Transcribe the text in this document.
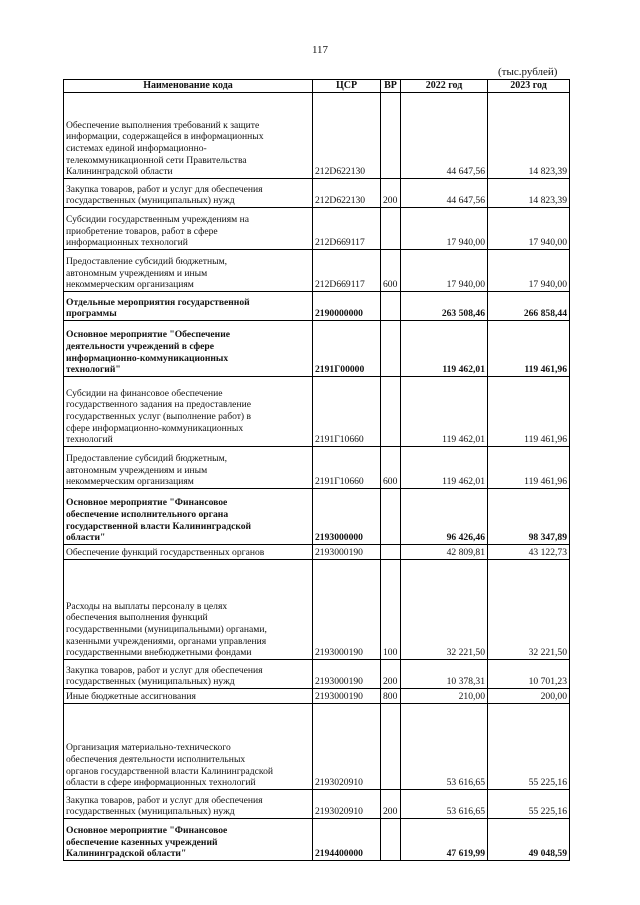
117
(тыс.рублей)
Наименование кода	ЦСР	ВР	2022 год	2023 год
Обеспечение выполнения требований к защите
информации, содержащейся в информационных
системах единой информационно-
телекоммуникационной сети Правительства
Калининградской области	212D622130		44 647,56	14 823,39
Закупка товаров, работ и услуг для обеспечения
государственных (муниципальных) нужд	212D622130	200	44 647,56	14 823,39
Субсидии государственным учреждениям на
приобретение товаров, работ в сфере
информационных технологий	212D669117		17 940,00	17 940,00
Предоставление субсидий бюджетным,
автономным учреждениям и иным
некоммерческим организациям	212D669117	600	17 940,00	17 940,00
Отдельные мероприятия государственной
программы	2190000000		263 508,46	266 858,44
Основное мероприятие "Обеспечение
деятельности учреждений в сфере
информационно-коммуникационных
технологий"	2191Г00000		119 462,01	119 461,96
Субсидии на финансовое обеспечение
государственного задания на предоставление
государственных услуг (выполнение работ) в
сфере информационно-коммуникационных
технологий	2191Г10660		119 462,01	119 461,96
Предоставление субсидий бюджетным,
автономным учреждениям и иным
некоммерческим организациям	2191Г10660	600	119 462,01	119 461,96
Основное мероприятие "Финансовое
обеспечение исполнительного органа
государственной власти Калининградской
области"	2193000000		96 426,46	98 347,89
Обеспечение функций государственных органов	2193000190		42 809,81	43 122,73
Расходы на выплаты персоналу в целях
обеспечения выполнения функций
государственными (муниципальными) органами,
казенными учреждениями, органами управления
государственными внебюджетными фондами	2193000190	100	32 221,50	32 221,50
Закупка товаров, работ и услуг для обеспечения
государственных (муниципальных) нужд	2193000190	200	10 378,31	10 701,23
Иные бюджетные ассигнования	2193000190	800	210,00	200,00
Организация материально-технического
обеспечения деятельности исполнительных
органов государственной власти Калининградской
области в сфере информационных технологий	2193020910		53 616,65	55 225,16
Закупка товаров, работ и услуг для обеспечения
государственных (муниципальных) нужд	2193020910	200	53 616,65	55 225,16
Основное мероприятие "Финансовое
обеспечение казенных учреждений
Калининградской области"	2194400000		47 619,99	49 048,59
